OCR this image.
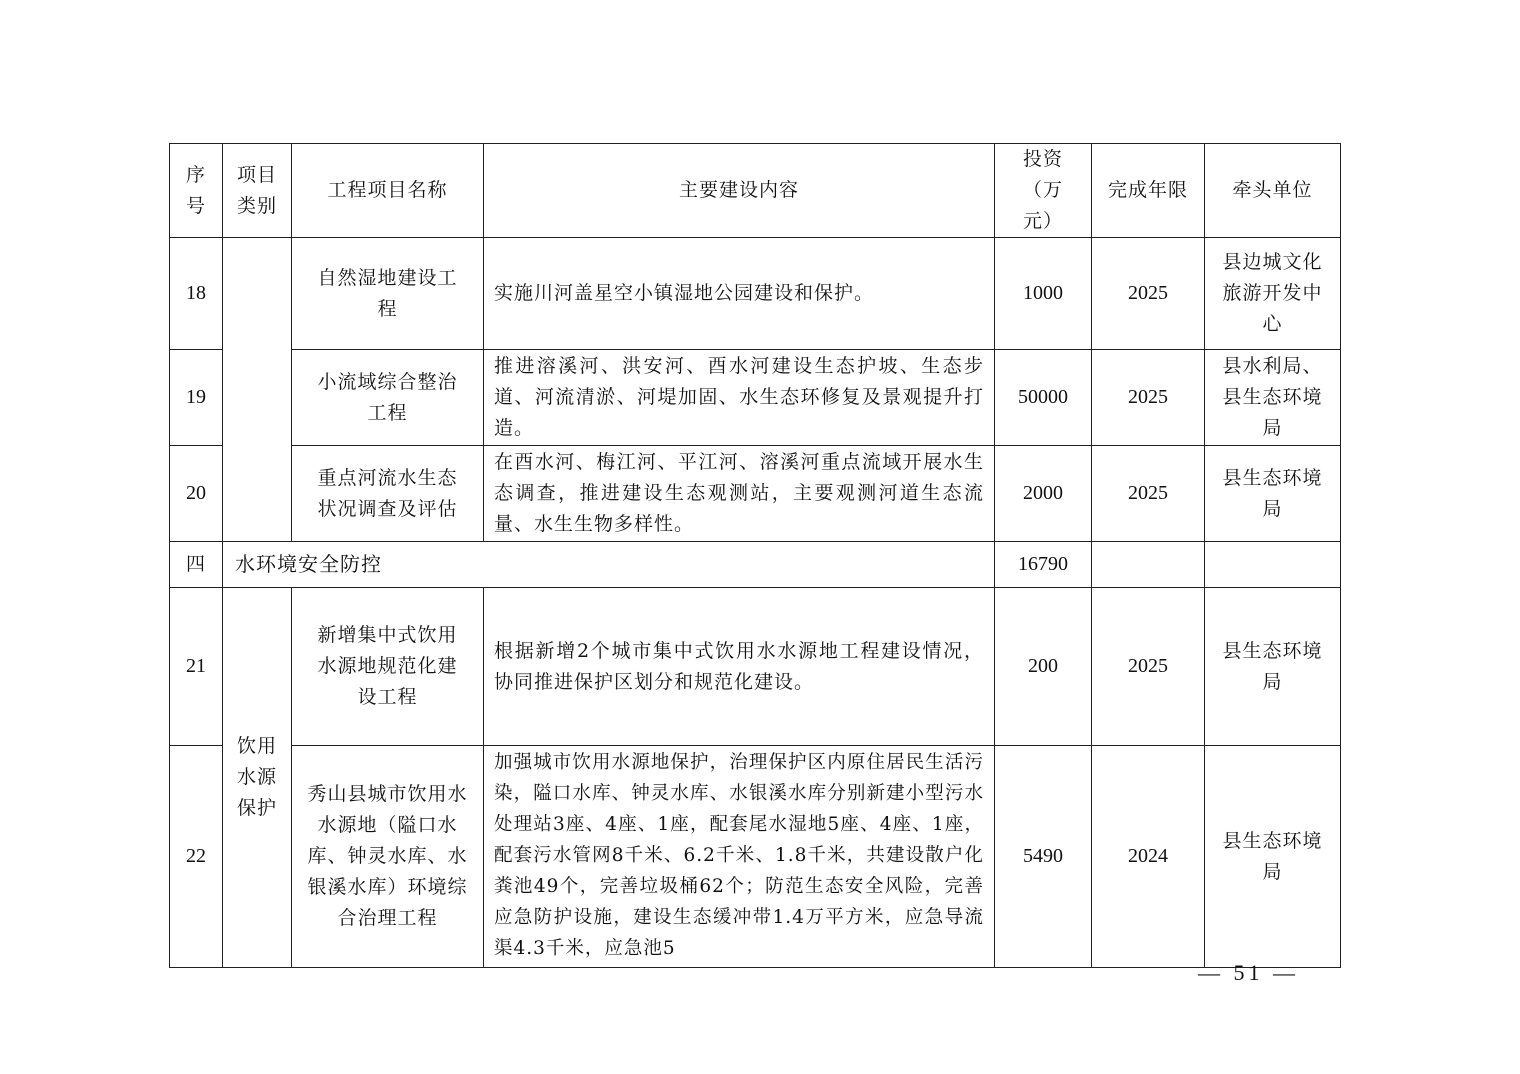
序号	项目类别	工程项目名称	主要建设内容	投资（万元）	完成年限	牵头单位
18		自然湿地建设工程	实施川河盖星空小镇湿地公园建设和保护。	1000	2025	县边城文化旅游开发中心
19		小流域综合整治工程	推进溶溪河、洪安河、酉水河建设生态护坡、生态步道、河流清淤、河堤加固、水生态环修复及景观提升打造。	50000	2025	县水利局、县生态环境局
20		重点河流水生态状况调查及评估	在酉水河、梅江河、平江河、溶溪河重点流域开展水生态调查，推进建设生态观测站，主要观测河道生态流量、水生生物多样性。	2000	2025	县生态环境局
四	水环境安全防控			16790		
21	饮用水源保护	新增集中式饮用水源地规范化建设工程	根据新增2个城市集中式饮用水水源地工程建设情况，协同推进保护区划分和规范化建设。	200	2025	县生态环境局
22		秀山县城市饮用水水源地（隘口水库、钟灵水库、水银溪水库）环境综合治理工程	加强城市饮用水源地保护，治理保护区内原住居民生活污染，隘口水库、钟灵水库、水银溪水库分别新建小型污水处理站3座、4座、1座，配套尾水湿地5座、4座、1座，配套污水管网8千米、6.2千米、1.8千米，共建设散户化粪池49个，完善垃圾桶62个；防范生态安全风险，完善应急防护设施，建设生态缓冲带1.4万平方米，应急导流渠4.3千米，应急池5	5490	2024	县生态环境局
— 51 —
